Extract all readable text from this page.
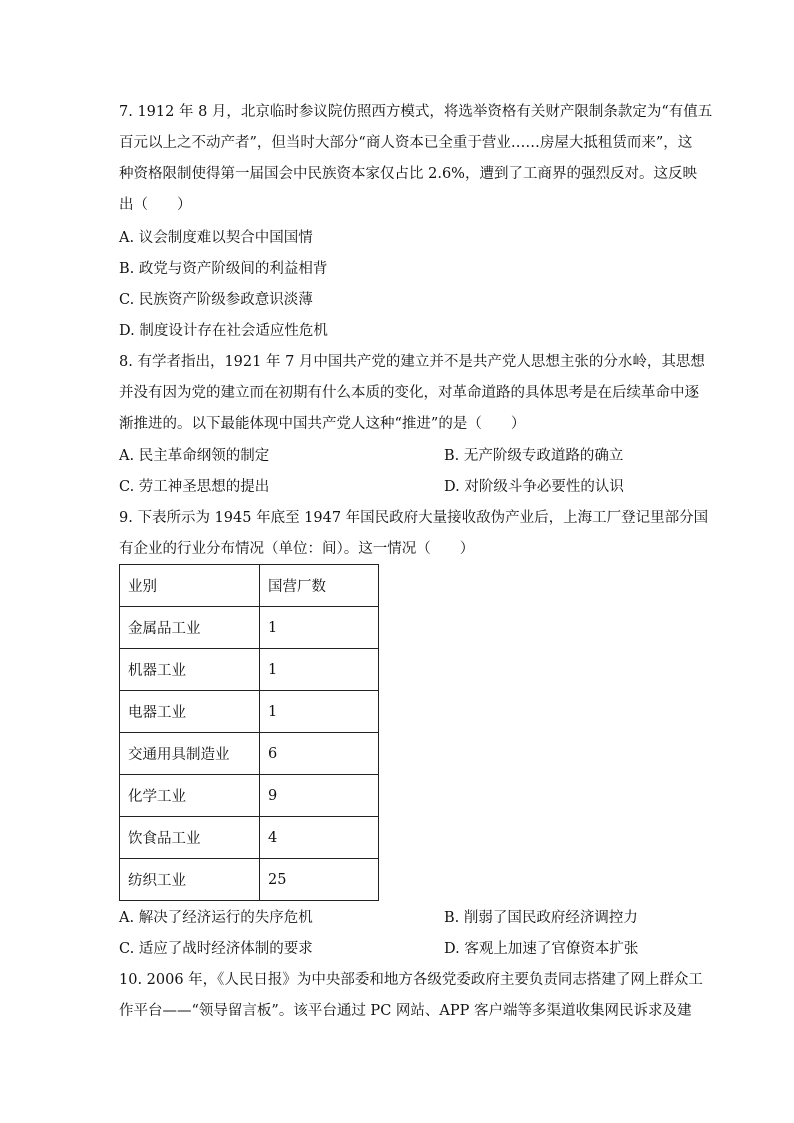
7. 1912 年 8 月，北京临时参议院仿照西方模式，将选举资格有关财产限制条款定为“有值五
百元以上之不动产者”，但当时大部分“商人资本已全重于营业……房屋大抵租赁而来”，这
种资格限制使得第一届国会中民族资本家仅占比 2.6%，遭到了工商界的强烈反对。这反映
出（　　）
A. 议会制度难以契合中国国情
B. 政党与资产阶级间的利益相背
C. 民族资产阶级参政意识淡薄
D. 制度设计存在社会适应性危机
8. 有学者指出，1921 年 7 月中国共产党的建立并不是共产党人思想主张的分水岭，其思想
并没有因为党的建立而在初期有什么本质的变化，对革命道路的具体思考是在后续革命中逐
渐推进的。以下最能体现中国共产党人这种“推进”的是（　　）
A. 民主革命纲领的制定	B. 无产阶级专政道路的确立
C. 劳工神圣思想的提出	D. 对阶级斗争必要性的认识
9. 下表所示为 1945 年底至 1947 年国民政府大量接收敌伪产业后，上海工厂登记里部分国
有企业的行业分布情况（单位：间）。这一情况（　　）
业别	国营厂数
金属品工业	1
机器工业	1
电器工业	1
交通用具制造业	6
化学工业	9
饮食品工业	4
纺织工业	25
A. 解决了经济运行的失序危机	B. 削弱了国民政府经济调控力
C. 适应了战时经济体制的要求	D. 客观上加速了官僚资本扩张
10. 2006 年，《人民日报》为中央部委和地方各级党委政府主要负责同志搭建了网上群众工
作平台——“领导留言板”。该平台通过 PC 网站、APP 客户端等多渠道收集网民诉求及建
